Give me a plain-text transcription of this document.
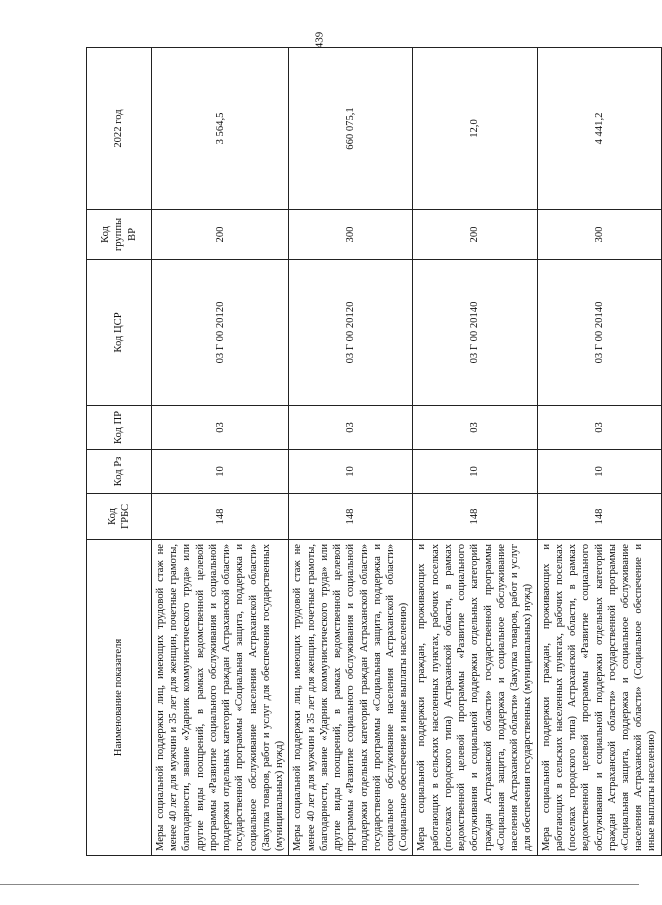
439
Наименование показателя	Код ГРБС	Код Рз	Код ПР	Код ЦСР	Код группы ВР	2022 год
Меры социальной поддержки лиц, имеющих трудовой стаж не менее 40 лет для мужчин и 35 лет для женщин, почетные грамоты, благодарности, звание «Ударник коммунистического труда» или другие виды поощрений, в рамках ведомственной целевой программы «Развитие социального обслуживания и социальной поддержки отдельных категорий граждан Астраханской области» государственной программы «Социальная защита, поддержка и социальное обслуживание населения Астраханской области» (Закупка товаров, работ и услуг для обеспечения государственных (муниципальных) нужд)	148	10	03	03 Г 00 20120	200	3 564,5
Меры социальной поддержки лиц, имеющих трудовой стаж не менее 40 лет для мужчин и 35 лет для женщин, почетные грамоты, благодарности, звание «Ударник коммунистического труда» или другие виды поощрений, в рамках ведомственной целевой программы «Развитие социального обслуживания и социальной поддержки отдельных категорий граждан Астраханской области» государственной программы «Социальная защита, поддержка и социальное обслуживание населения Астраханской области» (Социальное обеспечение и иные выплаты населению)	148	10	03	03 Г 00 20120	300	660 075,1
Мера социальной поддержки граждан, проживающих и работающих в сельских населенных пунктах, рабочих поселках (поселках городского типа) Астраханской области, в рамках ведомственной целевой программы «Развитие социального обслуживания и социальной поддержки отдельных категорий граждан Астраханской области» государственной программы «Социальная защита, поддержка и социальное обслуживание населения Астраханской области» (Закупка товаров, работ и услуг для обеспечения государственных (муниципальных) нужд)	148	10	03	03 Г 00 20140	200	12,0
Мера социальной поддержки граждан, проживающих и работающих в сельских населенных пунктах, рабочих поселках (поселках городского типа) Астраханской области, в рамках ведомственной целевой программы «Развитие социального обслуживания и социальной поддержки отдельных категорий граждан Астраханской области» государственной программы «Социальная защита, поддержка и социальное обслуживание населения Астраханской области» (Социальное обеспечение и иные выплаты населению)	148	10	03	03 Г 00 20140	300	4 441,2
